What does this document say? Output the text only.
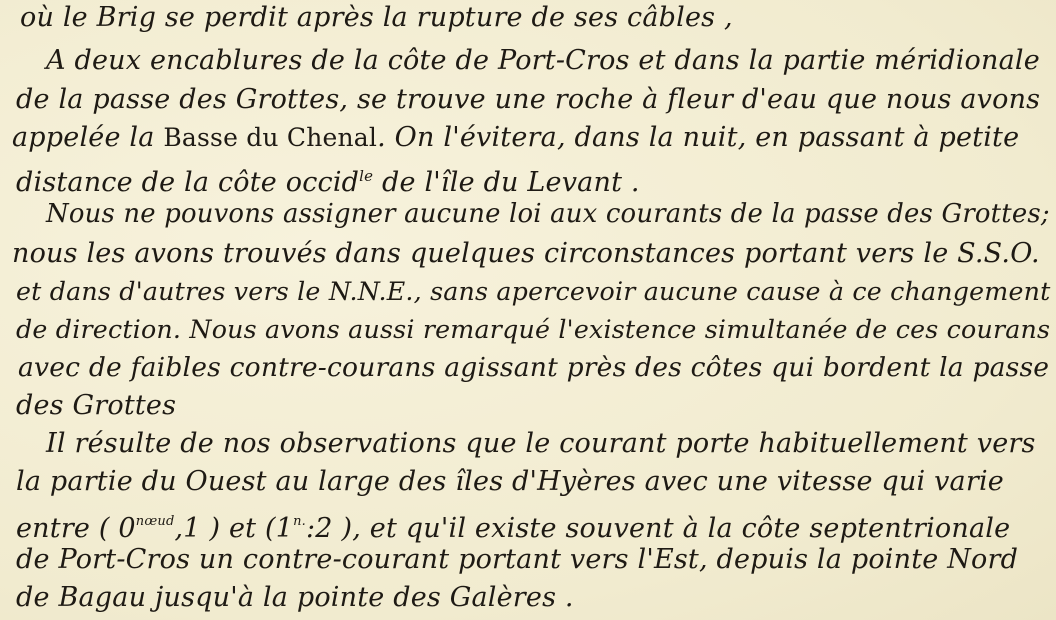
où le Brig se perdit après la rupture de ses câbles ,
A deux encablures de la côte de Port-Cros et dans la partie méridionale
de la passe des Grottes, se trouve une roche à fleur d'eau que nous avons
appelée la Basse du Chenal. On l'évitera, dans la nuit, en passant à petite
distance de la côte occid$^{le}$ de l'île du Levant .
Nous ne pouvons assigner aucune loi aux courants de la passe des Grottes;
nous les avons trouvés dans quelques circonstances portant vers le S.S.O.
et dans d'autres vers le N.N.E., sans apercevoir aucune cause à ce changement
de direction. Nous avons aussi remarqué l'existence simultanée de ces courans
avec de faibles contre-courans agissant près des côtes qui bordent la passe
des Grottes
Il résulte de nos observations que le courant porte habituellement vers
la partie du Ouest au large des îles d'Hyères avec une vitesse qui varie
entre ( $0^{nœud},1$ ) et ($1^{n.}:2$ ), et qu'il existe souvent à la côte septentrionale
de Port-Cros un contre-courant portant vers l'Est, depuis la pointe Nord
de Bagau jusqu'à la pointe des Galères .
